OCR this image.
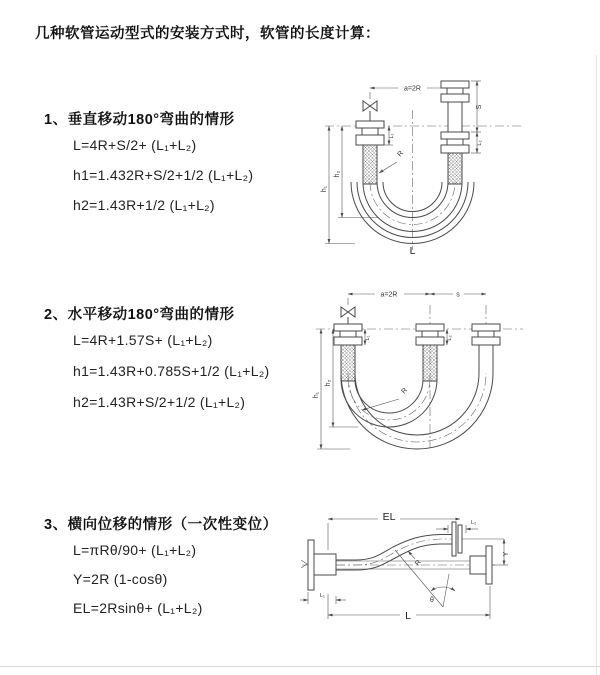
几种软管运动型式的安装方式时，软管的长度计算：
1、垂直移动180°弯曲的情形
L=4R+S/2+ (L₁+L₂)
h1=1.432R+S/2+1/2 (L₁+L₂)
h2=1.43R+1/2 (L₁+L₂)
2、水平移动180°弯曲的情形
L=4R+1.57S+ (L₁+L₂)
h1=1.43R+0.785S+1/2 (L₁+L₂)
h2=1.43R+S/2+1/2 (L₁+L₂)
3、横向位移的情形（一次性变位）
L=πRθ/90+ (L₁+L₂)
Y=2R (1-cosθ)
EL=2Rsinθ+ (L₁+L₂)
a=2R
R
h₁
h₂
L₁
S
L₂
L
a=2R	s
R
h₁
h₂
L₁	L₂
EL	L₂
Y
R
θ
L₁
L
